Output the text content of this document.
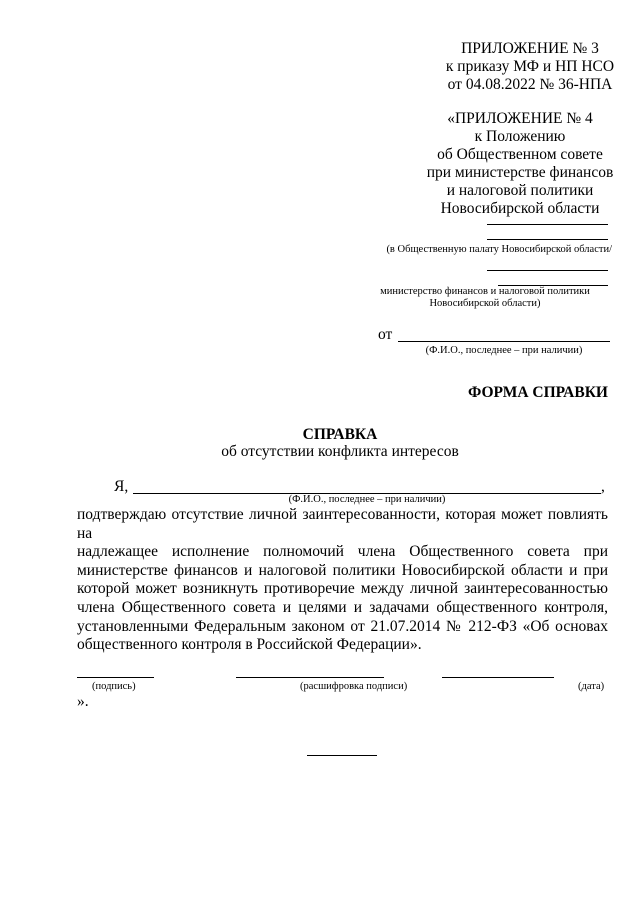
ПРИЛОЖЕНИЕ № 3
к приказу МФ и НП НСО
от 04.08.2022 № 36-НПА
«ПРИЛОЖЕНИЕ № 4
к Положению
об Общественном совете
при министерстве финансов
и налоговой политики
Новосибирской области
(в Общественную палату Новосибирской области/
министерство финансов и налоговой политики
Новосибирской области)
от
(Ф.И.О., последнее – при наличии)
ФОРМА СПРАВКИ
СПРАВКА
об отсутствии конфликта интересов
Я,	,
(Ф.И.О., последнее – при наличии)
подтверждаю отсутствие личной заинтересованности, которая может повлиять на
надлежащее исполнение полномочий члена Общественного совета при
министерстве финансов и налоговой политики Новосибирской области и при
которой может возникнуть противоречие между личной заинтересованностью
члена Общественного совета и целями и задачами общественного контроля,
установленными Федеральным законом от 21.07.2014 № 212-ФЗ «Об основах
общественного контроля в Российской Федерации».
(подпись)	(расшифровка подписи)	(дата)
».
